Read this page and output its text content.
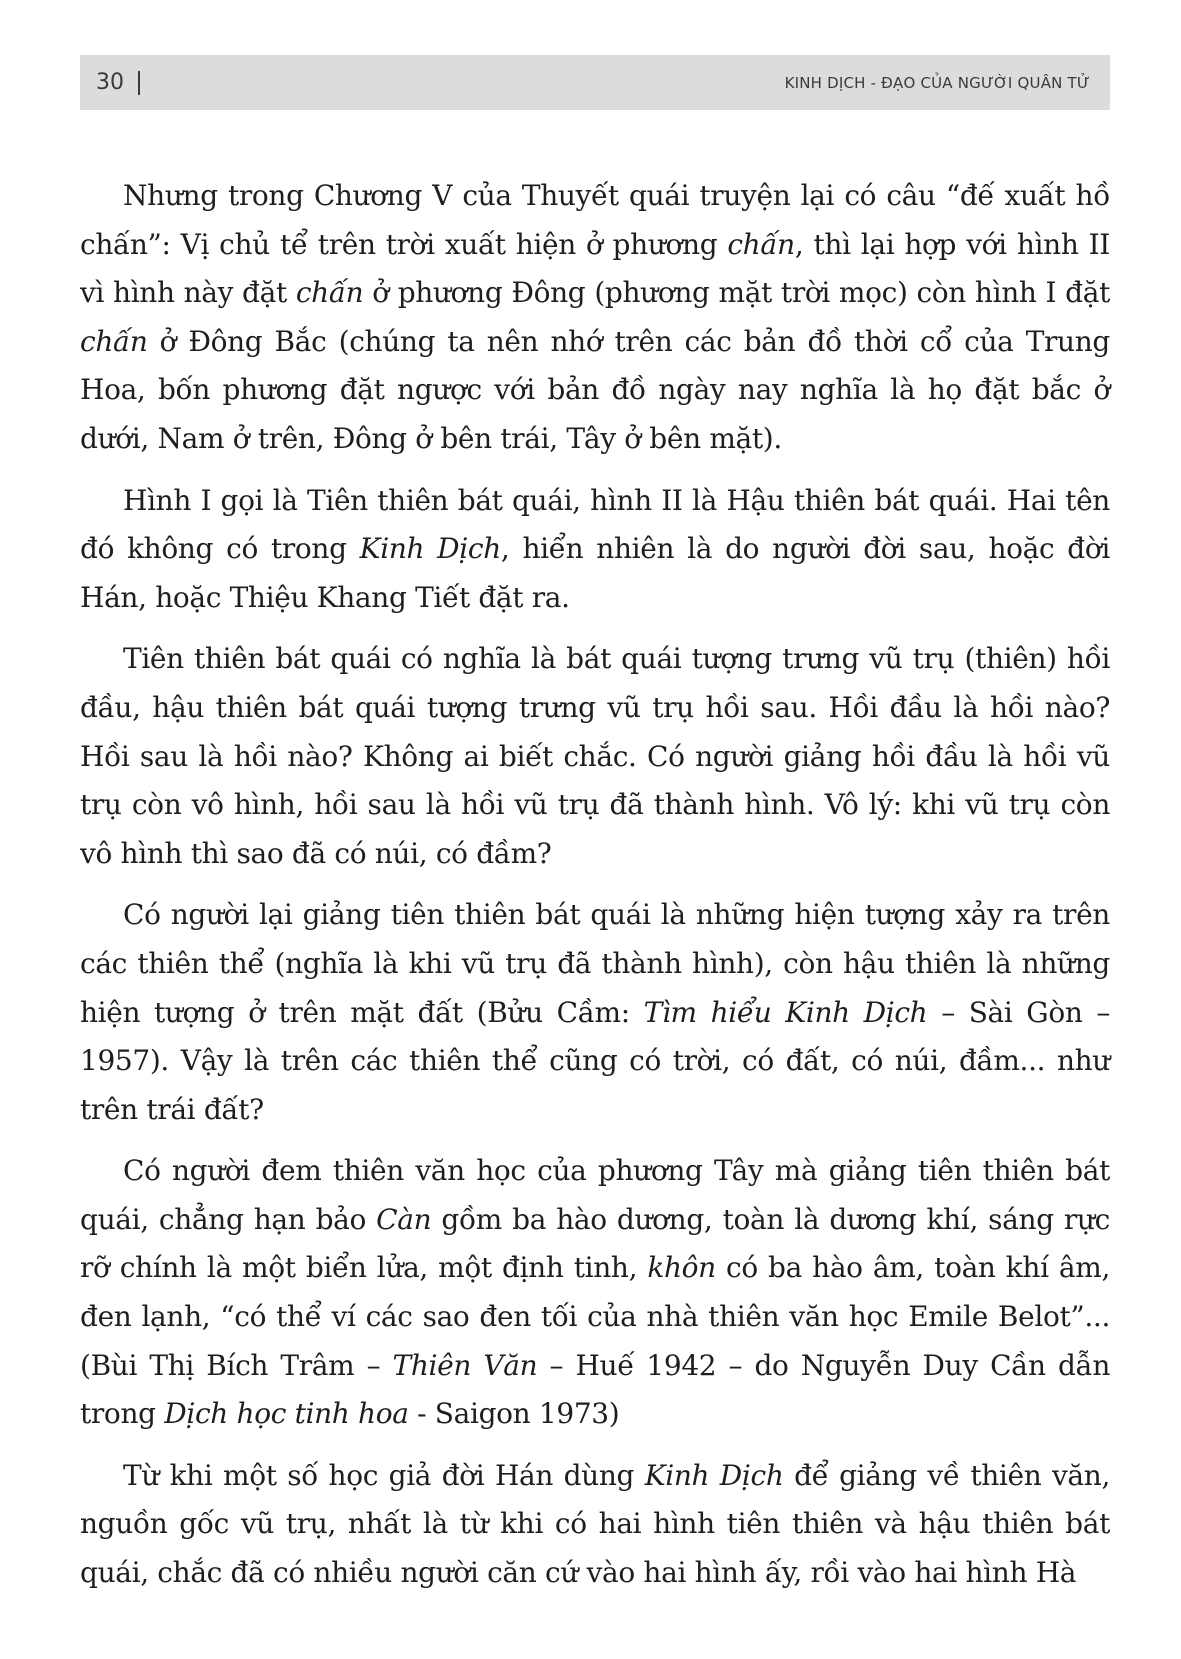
30	KINH DỊCH - ĐẠO CỦA NGƯỜI QUÂN TỬ

Nhưng trong Chương V của Thuyết quái truyện lại có câu “đế xuất hồ chấn”: Vị chủ tể trên trời xuất hiện ở phương chấn, thì lại hợp với hình II vì hình này đặt chấn ở phương Đông (phương mặt trời mọc) còn hình I đặt chấn ở Đông Bắc (chúng ta nên nhớ trên các bản đồ thời cổ của Trung Hoa, bốn phương đặt ngược với bản đồ ngày nay nghĩa là họ đặt bắc ở dưới, Nam ở trên, Đông ở bên trái, Tây ở bên mặt).

Hình I gọi là Tiên thiên bát quái, hình II là Hậu thiên bát quái. Hai tên đó không có trong Kinh Dịch, hiển nhiên là do người đời sau, hoặc đời Hán, hoặc Thiệu Khang Tiết đặt ra.

Tiên thiên bát quái có nghĩa là bát quái tượng trưng vũ trụ (thiên) hồi đầu, hậu thiên bát quái tượng trưng vũ trụ hồi sau. Hồi đầu là hồi nào? Hồi sau là hồi nào? Không ai biết chắc. Có người giảng hồi đầu là hồi vũ trụ còn vô hình, hồi sau là hồi vũ trụ đã thành hình. Vô lý: khi vũ trụ còn vô hình thì sao đã có núi, có đầm?

Có người lại giảng tiên thiên bát quái là những hiện tượng xảy ra trên các thiên thể (nghĩa là khi vũ trụ đã thành hình), còn hậu thiên là những hiện tượng ở trên mặt đất (Bửu Cầm: Tìm hiểu Kinh Dịch – Sài Gòn – 1957). Vậy là trên các thiên thể cũng có trời, có đất, có núi, đầm... như trên trái đất?

Có người đem thiên văn học của phương Tây mà giảng tiên thiên bát quái, chẳng hạn bảo Càn gồm ba hào dương, toàn là dương khí, sáng rực rỡ chính là một biển lửa, một định tinh, khôn có ba hào âm, toàn khí âm, đen lạnh, “có thể ví các sao đen tối của nhà thiên văn học Emile Belot”... (Bùi Thị Bích Trâm – Thiên Văn – Huế 1942 – do Nguyễn Duy Cần dẫn trong Dịch học tinh hoa - Saigon 1973)

Từ khi một số học giả đời Hán dùng Kinh Dịch để giảng về thiên văn, nguồn gốc vũ trụ, nhất là từ khi có hai hình tiên thiên và hậu thiên bát quái, chắc đã có nhiều người căn cứ vào hai hình ấy, rồi vào hai hình Hà
